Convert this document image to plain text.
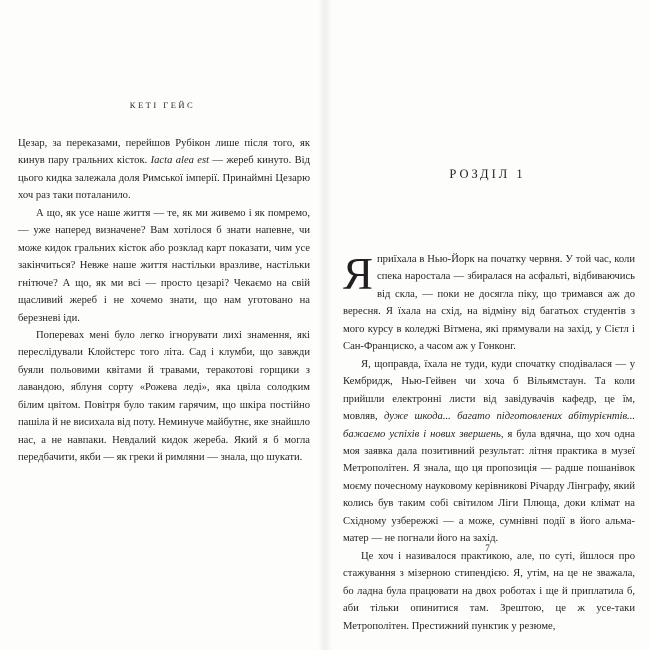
КЕТІ ГЕЙС

Цезар, за переказами, перейшов Рубікон лише після того, як кинув пару гральних кісток. Iacta alea est — жереб кинуто. Від цього кидка залежала доля Римської імперії. Принаймні Цезарю хоч раз таки поталанило.

А що, як усе наше життя — те, як ми живемо і як помремо, — уже наперед визначене? Вам хотілося б знати напевне, чи може кидок гральних кісток або розклад карт показати, чим усе закінчиться? Невже наше життя настільки вразливе, настільки гнітюче? А що, як ми всі — просто цезарі? Чекаємо на свій щасливий жереб і не хочемо знати, що нам уготовано на березневі іди.

Поперевах мені було легко ігнорувати лихі знамення, які переслідували Клойстерс того літа. Сад і клумби, що завжди буяли польовими квітами й травами, теракотові горщики з лавандою, яблуня сорту «Рожева леді», яка цвіла солодким білим цвітом. Повітря було таким гарячим, що шкіра постійно пашіла й не висихала від поту. Неминуче майбутнє, яке знайшло нас, а не навпаки. Невдалий кидок жереба. Який я б могла передбачити, якби — як греки й римляни — знала, що шукати.

РОЗДІЛ 1

Я приїхала в Нью-Йорк на початку червня. У той час, коли спека наростала — збиралася на асфальті, відбиваючись від скла, — поки не досягла піку, що тримався аж до вересня. Я їхала на схід, на відміну від багатьох студентів з мого курсу в коледжі Вітмена, які прямували на захід, у Сієтл і Сан-Франциско, а часом аж у Гонконг.

Я, щоправда, їхала не туди, куди спочатку сподівалася — у Кембридж, Нью-Гейвен чи хоча б Вільямстаун. Та коли прийшли електронні листи від завідувачів кафедр, це їм, мовляв, дуже шкода... багато підготовлених абітурієнтів... бажаємо успіхів і нових звершень, я була вдячна, що хоч одна моя заявка дала позитивний результат: літня практика в музеї Метрополітен. Я знала, що ця пропозиція — радше пошанівок моєму почесному науковому керівникові Річарду Лінграфу, який колись був таким собі світилом Ліги Плюща, доки клімат на Східному узбережжі — а може, сумнівні події в його альма-матер — не погнали його на захід.

Це хоч і називалося практикою, але, по суті, йшлося про стажування з мізерною стипендією. Я, утім, на це не зважала, бо ладна була працювати на двох роботах і ще й приплатила б, аби тільки опинитися там. Зрештою, це ж усе-таки Метрополітен. Престижний пунктик у резюме,

7
